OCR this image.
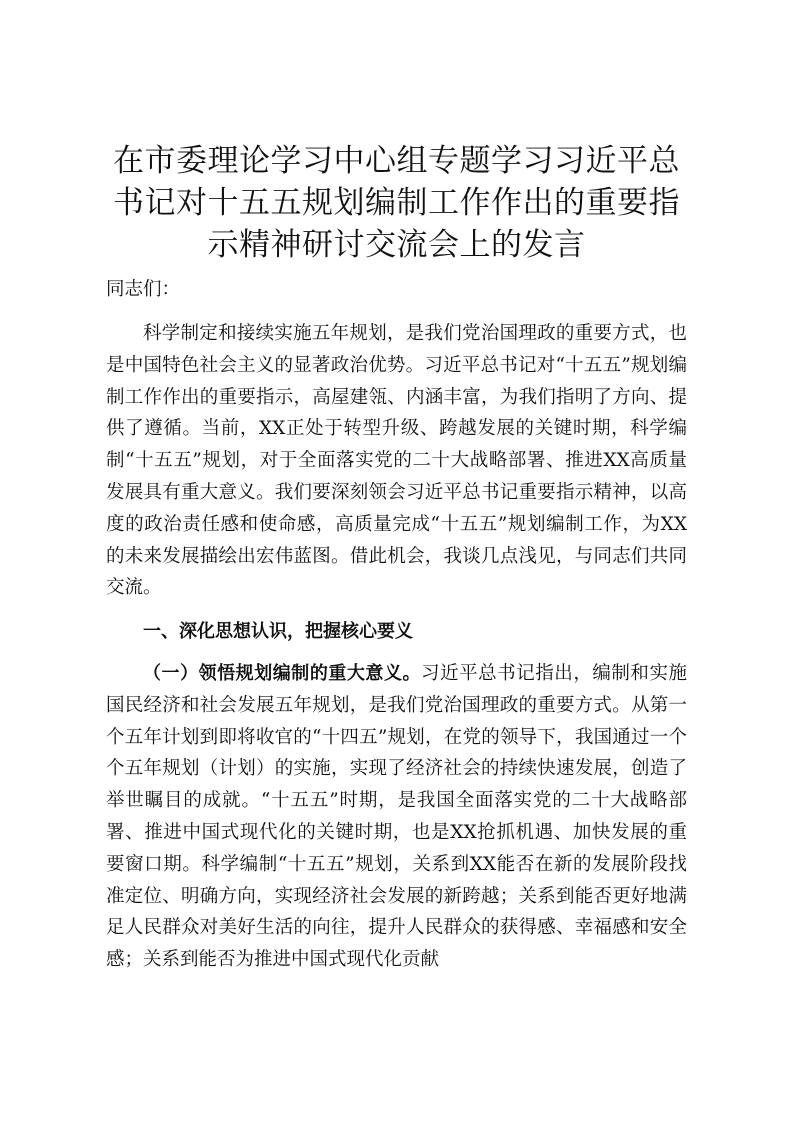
在市委理论学习中心组专题学习习近平总书记对十五五规划编制工作作出的重要指示精神研讨交流会上的发言

同志们：

科学制定和接续实施五年规划，是我们党治国理政的重要方式，也是中国特色社会主义的显著政治优势。习近平总书记对“十五五”规划编制工作作出的重要指示，高屋建瓴、内涵丰富，为我们指明了方向、提供了遵循。当前，XX正处于转型升级、跨越发展的关键时期，科学编制“十五五”规划，对于全面落实党的二十大战略部署、推进XX高质量发展具有重大意义。我们要深刻领会习近平总书记重要指示精神，以高度的政治责任感和使命感，高质量完成“十五五”规划编制工作，为XX的未来发展描绘出宏伟蓝图。借此机会，我谈几点浅见，与同志们共同交流。

一、深化思想认识，把握核心要义

（一）领悟规划编制的重大意义。习近平总书记指出，编制和实施国民经济和社会发展五年规划，是我们党治国理政的重要方式。从第一个五年计划到即将收官的“十四五”规划，在党的领导下，我国通过一个个五年规划（计划）的实施，实现了经济社会的持续快速发展，创造了举世瞩目的成就。“十五五”时期，是我国全面落实党的二十大战略部署、推进中国式现代化的关键时期，也是XX抢抓机遇、加快发展的重要窗口期。科学编制“十五五”规划，关系到XX能否在新的发展阶段找准定位、明确方向，实现经济社会发展的新跨越；关系到能否更好地满足人民群众对美好生活的向往，提升人民群众的获得感、幸福感和安全感；关系到能否为推进中国式现代化贡献
